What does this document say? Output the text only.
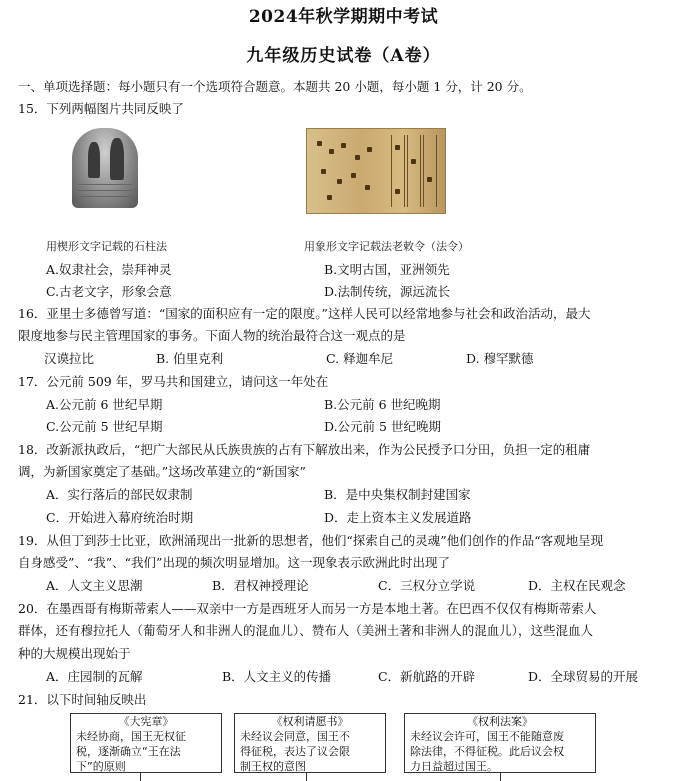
2024年秋学期期中考试
九年级历史试卷（A卷）
一、单项选择题：每小题只有一个选项符合题意。本题共 20 小题，每小题 1 分，计 20 分。
15．下列两幅图片共同反映了
用楔形文字记载的石柱法	用象形文字记载法老敕令（法令）
A.奴隶社会，崇拜神灵	B.文明古国，亚洲领先
C.古老文字，形象会意	D.法制传统，源远流长
16．亚里士多德曾写道：“国家的面积应有一定的限度。”这样人民可以经常地参与社会和政治活动，最大
限度地参与民主管理国家的事务。下面人物的统治最符合这一观点的是
汉谟拉比	B. 伯里克利	C. 释迦牟尼	D. 穆罕默德
17．公元前 509 年，罗马共和国建立，请问这一年处在
A.公元前 6 世纪早期	B.公元前 6 世纪晚期
C.公元前 5 世纪早期	D.公元前 5 世纪晚期
18．改新派执政后，“把广大部民从氏族贵族的占有下解放出来，作为公民授予口分田，负担一定的租庸
调，为新国家奠定了基础。”这场改革建立的“新国家”
A．实行落后的部民奴隶制	B．是中央集权制封建国家
C．开始进入幕府统治时期	D．走上资本主义发展道路
19．从但丁到莎士比亚，欧洲涌现出一批新的思想者，他们“探索自己的灵魂”他们创作的作品“客观地呈现
自身感受”、“我”、“我们”出现的频次明显增加。这一现象表示欧洲此时出现了
A．人文主义思潮	B．君权神授理论	C．三权分立学说	D．主权在民观念
20．在墨西哥有梅斯蒂索人——双亲中一方是西班牙人而另一方是本地土著。在巴西不仅仅有梅斯蒂索人
群体，还有穆拉托人（葡萄牙人和非洲人的混血儿）、赞布人（美洲土著和非洲人的混血儿），这些混血人
种的大规模出现始于
A．庄园制的瓦解	B．人文主义的传播	C．新航路的开辟	D．全球贸易的开展
21．以下时间轴反映出
《大宪章》
未经协商，国王无权征
税，逐渐确立“王在法
下”的原则
《权利请愿书》
未经议会同意，国王不
得征税，表达了议会限
制王权的意图
《权利法案》
未经议会许可，国王不能随意废
除法律，不得征税。此后议会权
力日益超过国王。
